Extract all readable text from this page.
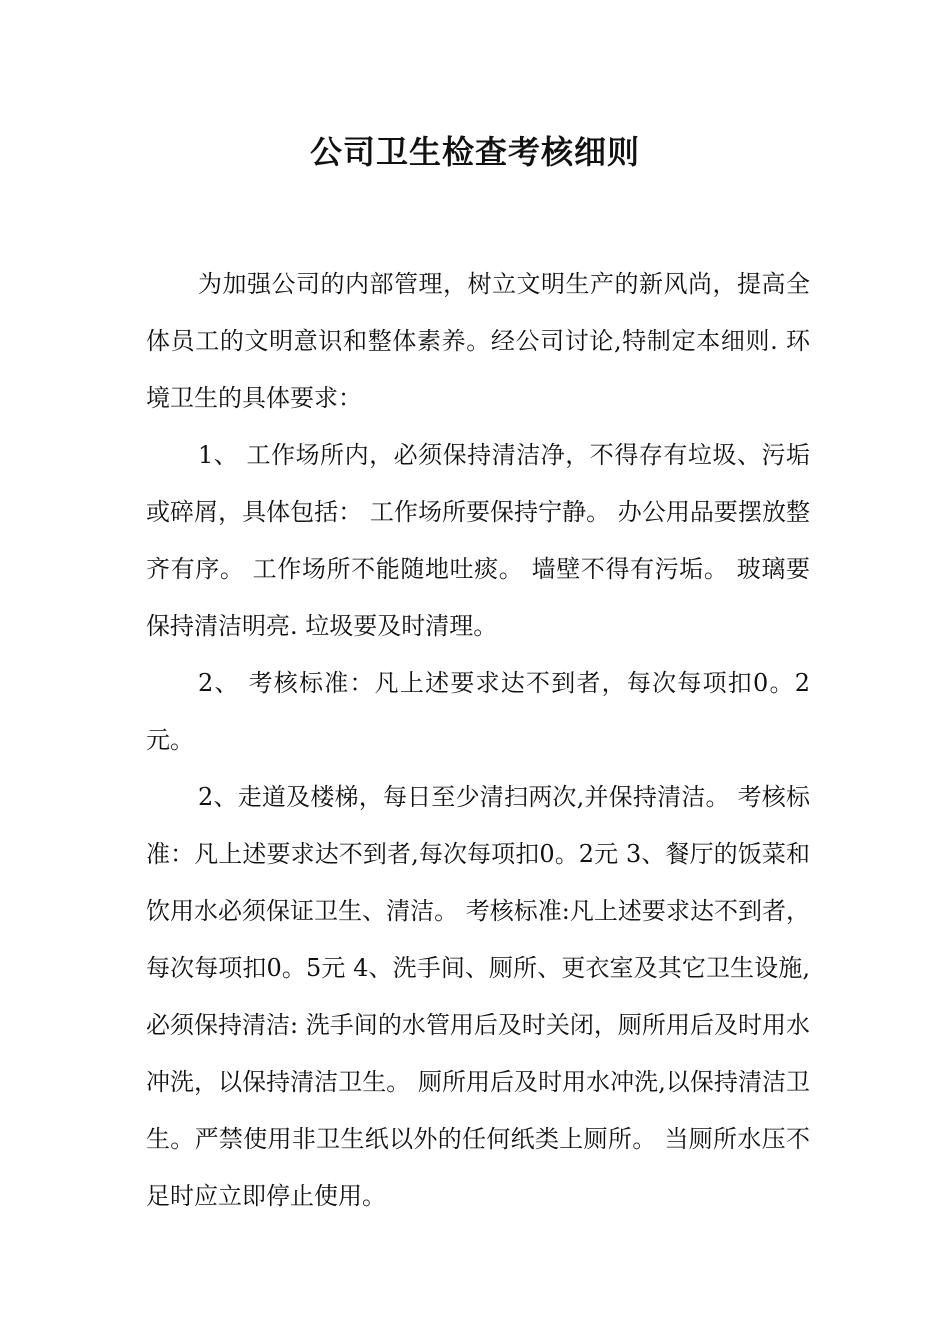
公司卫生检查考核细则

为加强公司的内部管理，树立文明生产的新风尚，提高全体员工的文明意识和整体素养。经公司讨论,特制定本细则. 环境卫生的具体要求：

1、 工作场所内，必须保持清洁净，不得存有垃圾、污垢或碎屑，具体包括： 工作场所要保持宁静。 办公用品要摆放整齐有序。 工作场所不能随地吐痰。 墙壁不得有污垢。 玻璃要保持清洁明亮. 垃圾要及时清理。

2、 考核标准：凡上述要求达不到者，每次每项扣0。2元。

2、走道及楼梯，每日至少清扫两次,并保持清洁。 考核标准：凡上述要求达不到者,每次每项扣0。2元 3、餐厅的饭菜和饮用水必须保证卫生、清洁。 考核标准:凡上述要求达不到者，每次每项扣0。5元 4、洗手间、厕所、更衣室及其它卫生设施,必须保持清洁: 洗手间的水管用后及时关闭，厕所用后及时用水冲洗，以保持清洁卫生。 厕所用后及时用水冲洗,以保持清洁卫生。严禁使用非卫生纸以外的任何纸类上厕所。 当厕所水压不足时应立即停止使用。
